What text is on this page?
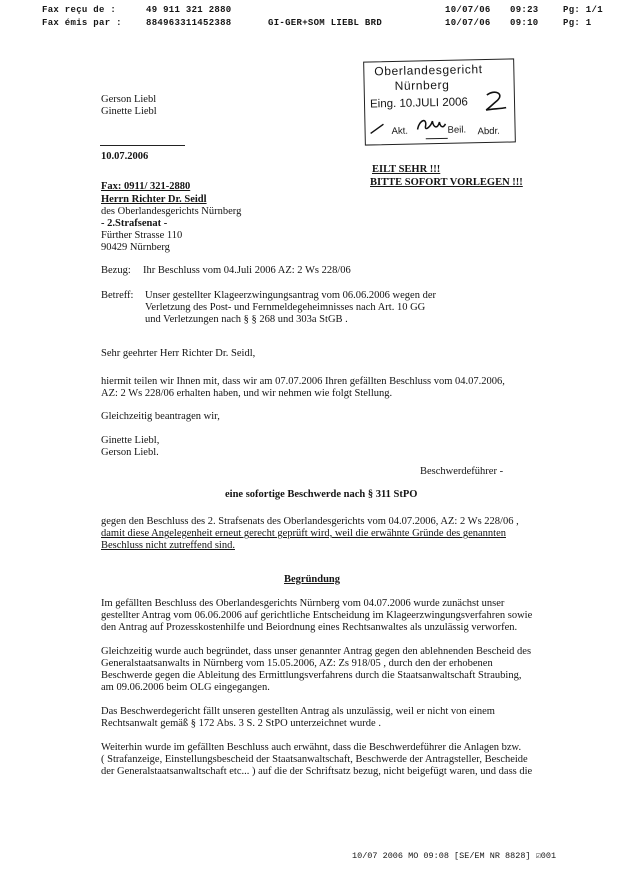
Fax reçu de :	49 911 321 2880
Fax émis par :	884963311452388	GI-GER+SOM LIEBL BRD
10/07/06 09:23	Pg: 1/1
10/07/06 09:10	Pg: 1
Oberlandesgericht
Nürnberg
Eing. 10.JULI 2006
Akt.	Beil. Abdr.
Gerson Liebl
Ginette Liebl
10.07.2006
EILT SEHR !!!
BITTE SOFORT VORLEGEN !!!
Fax: 0911/ 321-2880
Herrn Richter Dr. Seidl
des Oberlandesgerichts Nürnberg
- 2.Strafsenat -
Fürther Strasse 110
90429 Nürnberg
Bezug: Ihr Beschluss vom 04.Juli 2006 AZ: 2 Ws 228/06
Betreff: Unser gestellter Klageerzwingungsantrag vom 06.06.2006 wegen der
Verletzung des Post- und Fernmeldegeheimnisses nach Art. 10 GG
und Verletzungen nach § § 268 und 303a StGB .
Sehr geehrter Herr Richter Dr. Seidl,
hiermit teilen wir Ihnen mit, dass wir am 07.07.2006 Ihren gefällten Beschluss vom 04.07.2006,
AZ: 2 Ws 228/06 erhalten haben, und wir nehmen wie folgt Stellung.
Gleichzeitig beantragen wir,
Ginette Liebl,
Gerson Liebl.
Beschwerdeführer -
eine sofortige Beschwerde nach § 311 StPO
gegen den Beschluss des 2. Strafsenats des Oberlandesgerichts vom 04.07.2006, AZ: 2 Ws 228/06 ,
damit diese Angelegenheit erneut gerecht geprüft wird, weil die erwähnte Gründe des genannten
Beschluss nicht zutreffend sind.
Begründung
Im gefällten Beschluss des Oberlandesgerichts Nürnberg vom 04.07.2006 wurde zunächst unser
gestellter Antrag vom 06.06.2006 auf gerichtliche Entscheidung im Klageerzwingungsverfahren sowie
den Antrag auf Prozesskostenhilfe und Beiordnung eines Rechtsanwaltes als unzulässig verworfen.
Gleichzeitig wurde auch begründet, dass unser genannter Antrag gegen den ablehnenden Bescheid des
Generalstaatsanwalts in Nürnberg vom 15.05.2006, AZ: Zs 918/05 , durch den der erhobenen
Beschwerde gegen die Ableitung des Ermittlungsverfahrens durch die Staatsanwaltschaft Straubing,
am 09.06.2006 beim OLG eingegangen.
Das Beschwerdegericht fällt unseren gestellten Antrag als unzulässig, weil er nicht von einem
Rechtsanwalt gemäß § 172 Abs. 3 S. 2 StPO unterzeichnet wurde .
Weiterhin wurde im gefällten Beschluss auch erwähnt, dass die Beschwerdeführer die Anlagen bzw.
( Strafanzeige, Einstellungsbescheid der Staatsanwaltschaft, Beschwerde der Antragsteller, Bescheide
der Generalstaatsanwaltschaft etc... ) auf die der Schriftsatz bezug, nicht beigefügt waren, und dass die
10/07 2006 MO 09:08 [SE/EM NR 8828] ☑001
